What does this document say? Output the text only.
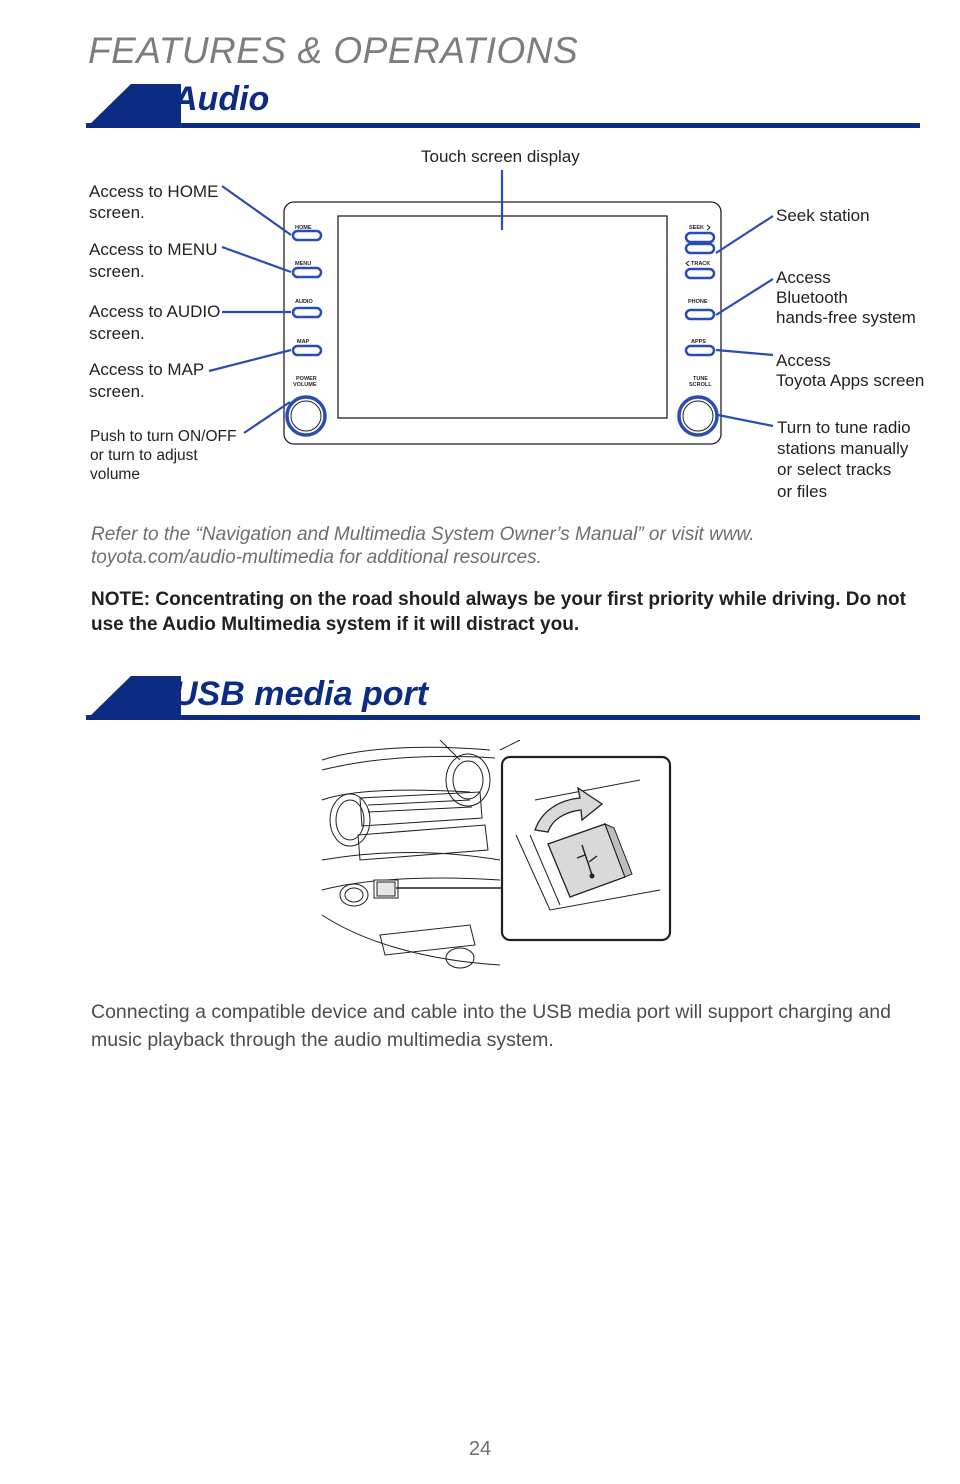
FEATURES & OPERATIONS
Audio
HOME
MENU
AUDIO
MAP
POWER
VOLUME
SEEK
TRACK
PHONE
APPS
TUNE
SCROLL
Touch screen display
Access to HOME
screen.
Access to MENU
screen.
Access to AUDIO
screen.
Access to MAP
screen.
Push to turn ON/OFF
or turn to adjust
volume
Seek station
Access
Bluetooth
hands-free system
Access
Toyota Apps screen
Turn to tune radio
stations manually
or select tracks
or files
Refer to the “Navigation and Multimedia System Owner’s Manual” or visit www. toyota.com/audio-multimedia for additional resources.
NOTE: Concentrating on the road should always be your first priority while driving. Do not use the Audio Multimedia system if it will distract you.
USB media port
Connecting a compatible device and cable into the USB media port will support charging and music playback through the audio multimedia system.
24
